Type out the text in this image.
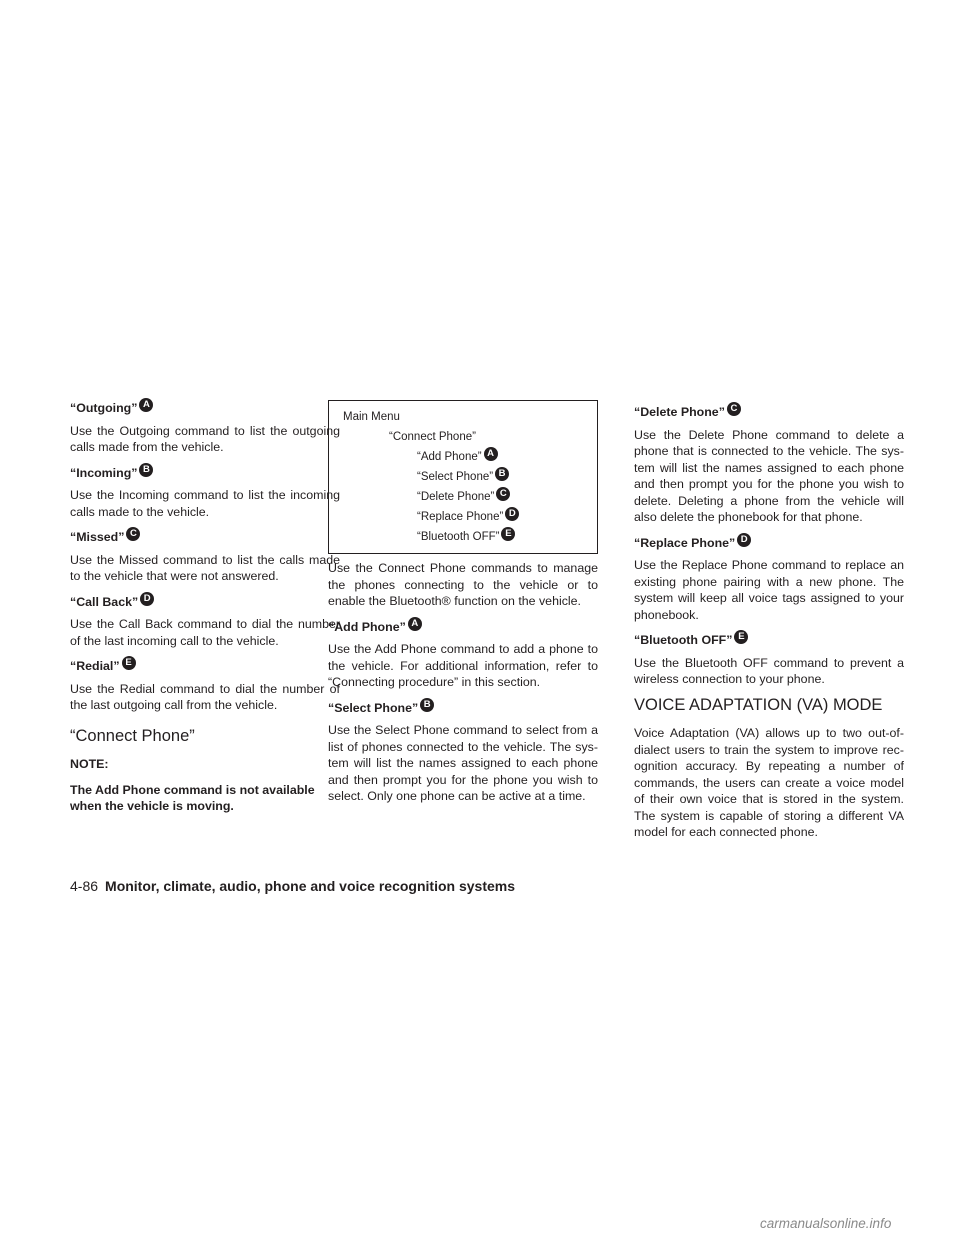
“Outgoing” A

Use the Outgoing command to list the outgoing calls made from the vehicle.

“Incoming” B

Use the Incoming command to list the incoming calls made to the vehicle.

“Missed” C

Use the Missed command to list the calls made to the vehicle that were not answered.

“Call Back” D

Use the Call Back command to dial the number of the last incoming call to the vehicle.

“Redial” E

Use the Redial command to dial the number of the last outgoing call from the vehicle.

“Connect Phone”

NOTE:

The Add Phone command is not available when the vehicle is moving.

Main Menu
“Connect Phone”
“Add Phone” A
“Select Phone” B
“Delete Phone” C
“Replace Phone” D
“Bluetooth OFF” E

Use the Connect Phone commands to manage the phones connecting to the vehicle or to enable the Bluetooth® function on the vehicle.

“Add Phone” A

Use the Add Phone command to add a phone to the vehicle. For additional information, refer to “Connecting procedure” in this section.

“Select Phone” B

Use the Select Phone command to select from a list of phones connected to the vehicle. The sys- tem will list the names assigned to each phone and then prompt you for the phone you wish to select. Only one phone can be active at a time.

“Delete Phone” C

Use the Delete Phone command to delete a phone that is connected to the vehicle. The sys- tem will list the names assigned to each phone and then prompt you for the phone you wish to delete. Deleting a phone from the vehicle will also delete the phonebook for that phone.

“Replace Phone” D

Use the Replace Phone command to replace an existing phone pairing with a new phone. The system will keep all voice tags assigned to your phonebook.

“Bluetooth OFF” E

Use the Bluetooth OFF command to prevent a wireless connection to your phone.

VOICE ADAPTATION (VA) MODE

Voice Adaptation (VA) allows up to two out-of- dialect users to train the system to improve rec- ognition accuracy. By repeating a number of commands, the users can create a voice model of their own voice that is stored in the system. The system is capable of storing a different VA model for each connected phone.

4-86 Monitor, climate, audio, phone and voice recognition systems
carmanualsonline.info
